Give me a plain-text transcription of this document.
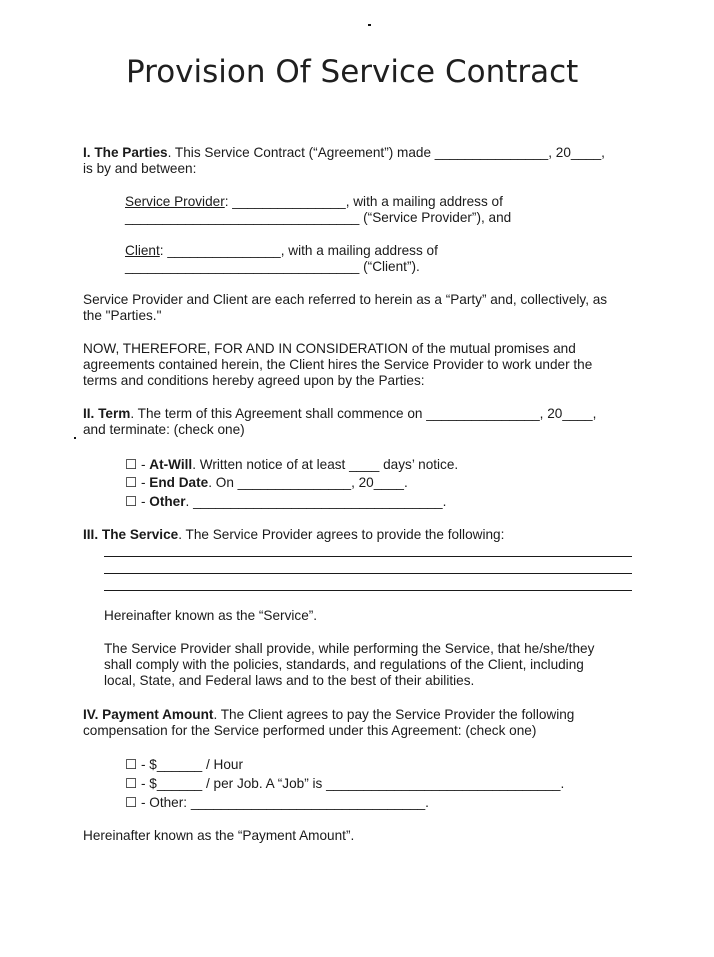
Provision Of Service Contract
I. The Parties. This Service Contract (“Agreement”) made _______________, 20____,
is by and between:
Service Provider: _______________, with a mailing address of
_______________________________ (“Service Provider”), and
Client: _______________, with a mailing address of
_______________________________ (“Client”).
Service Provider and Client are each referred to herein as a “Party” and, collectively, as
the "Parties."
NOW, THEREFORE, FOR AND IN CONSIDERATION of the mutual promises and
agreements contained herein, the Client hires the Service Provider to work under the
terms and conditions hereby agreed upon by the Parties:
II. Term. The term of this Agreement shall commence on _______________, 20____,
and terminate: (check one)
☐ - At-Will. Written notice of at least ____ days’ notice.
☐ - End Date. On _______________, 20____.
☐ - Other. _________________________________.
III. The Service. The Service Provider agrees to provide the following:
Hereinafter known as the “Service”.
The Service Provider shall provide, while performing the Service, that he/she/they
shall comply with the policies, standards, and regulations of the Client, including
local, State, and Federal laws and to the best of their abilities.
IV. Payment Amount. The Client agrees to pay the Service Provider the following
compensation for the Service performed under this Agreement: (check one)
☐ - $______ / Hour
☐ - $______ / per Job. A “Job” is _______________________________.
☐ - Other: _______________________________.
Hereinafter known as the “Payment Amount”.
